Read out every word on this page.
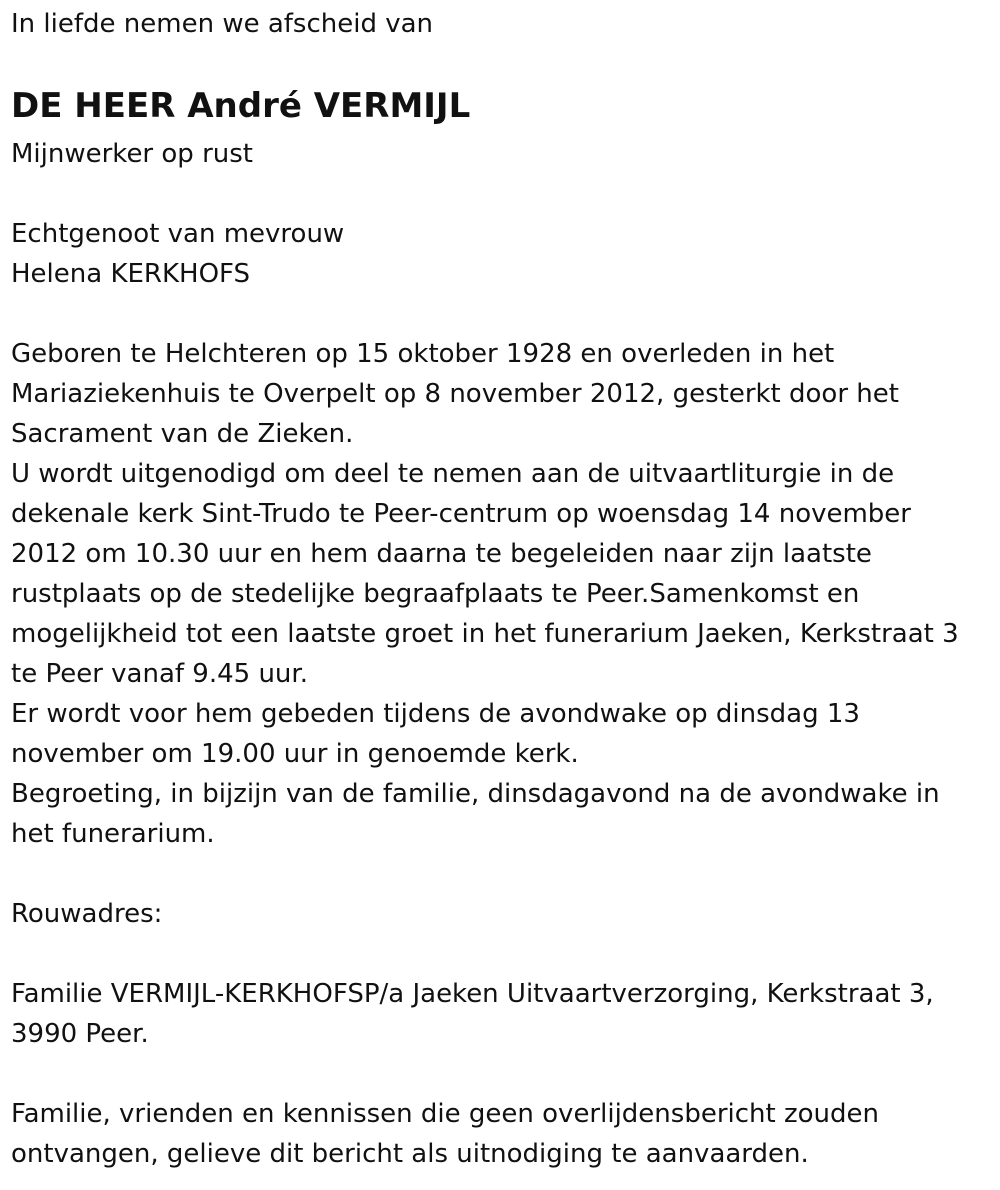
In liefde nemen we afscheid van
DE HEER André VERMIJL
Mijnwerker op rust
Echtgenoot van mevrouw
Helena KERKHOFS
Geboren te Helchteren op 15 oktober 1928 en overleden in het
Mariaziekenhuis te Overpelt op 8 november 2012, gesterkt door het
Sacrament van de Zieken.
U wordt uitgenodigd om deel te nemen aan de uitvaartliturgie in de
dekenale kerk Sint-Trudo te Peer-centrum op woensdag 14 november
2012 om 10.30 uur en hem daarna te begeleiden naar zijn laatste
rustplaats op de stedelijke begraafplaats te Peer.Samenkomst en
mogelijkheid tot een laatste groet in het funerarium Jaeken, Kerkstraat 3
te Peer vanaf 9.45 uur.
Er wordt voor hem gebeden tijdens de avondwake op dinsdag 13
november om 19.00 uur in genoemde kerk.
Begroeting, in bijzijn van de familie, dinsdagavond na de avondwake in
het funerarium.
Rouwadres:
Familie VERMIJL-KERKHOFSP/a Jaeken Uitvaartverzorging, Kerkstraat 3,
3990 Peer.
Familie, vrienden en kennissen die geen overlijdensbericht zouden
ontvangen, gelieve dit bericht als uitnodiging te aanvaarden.
